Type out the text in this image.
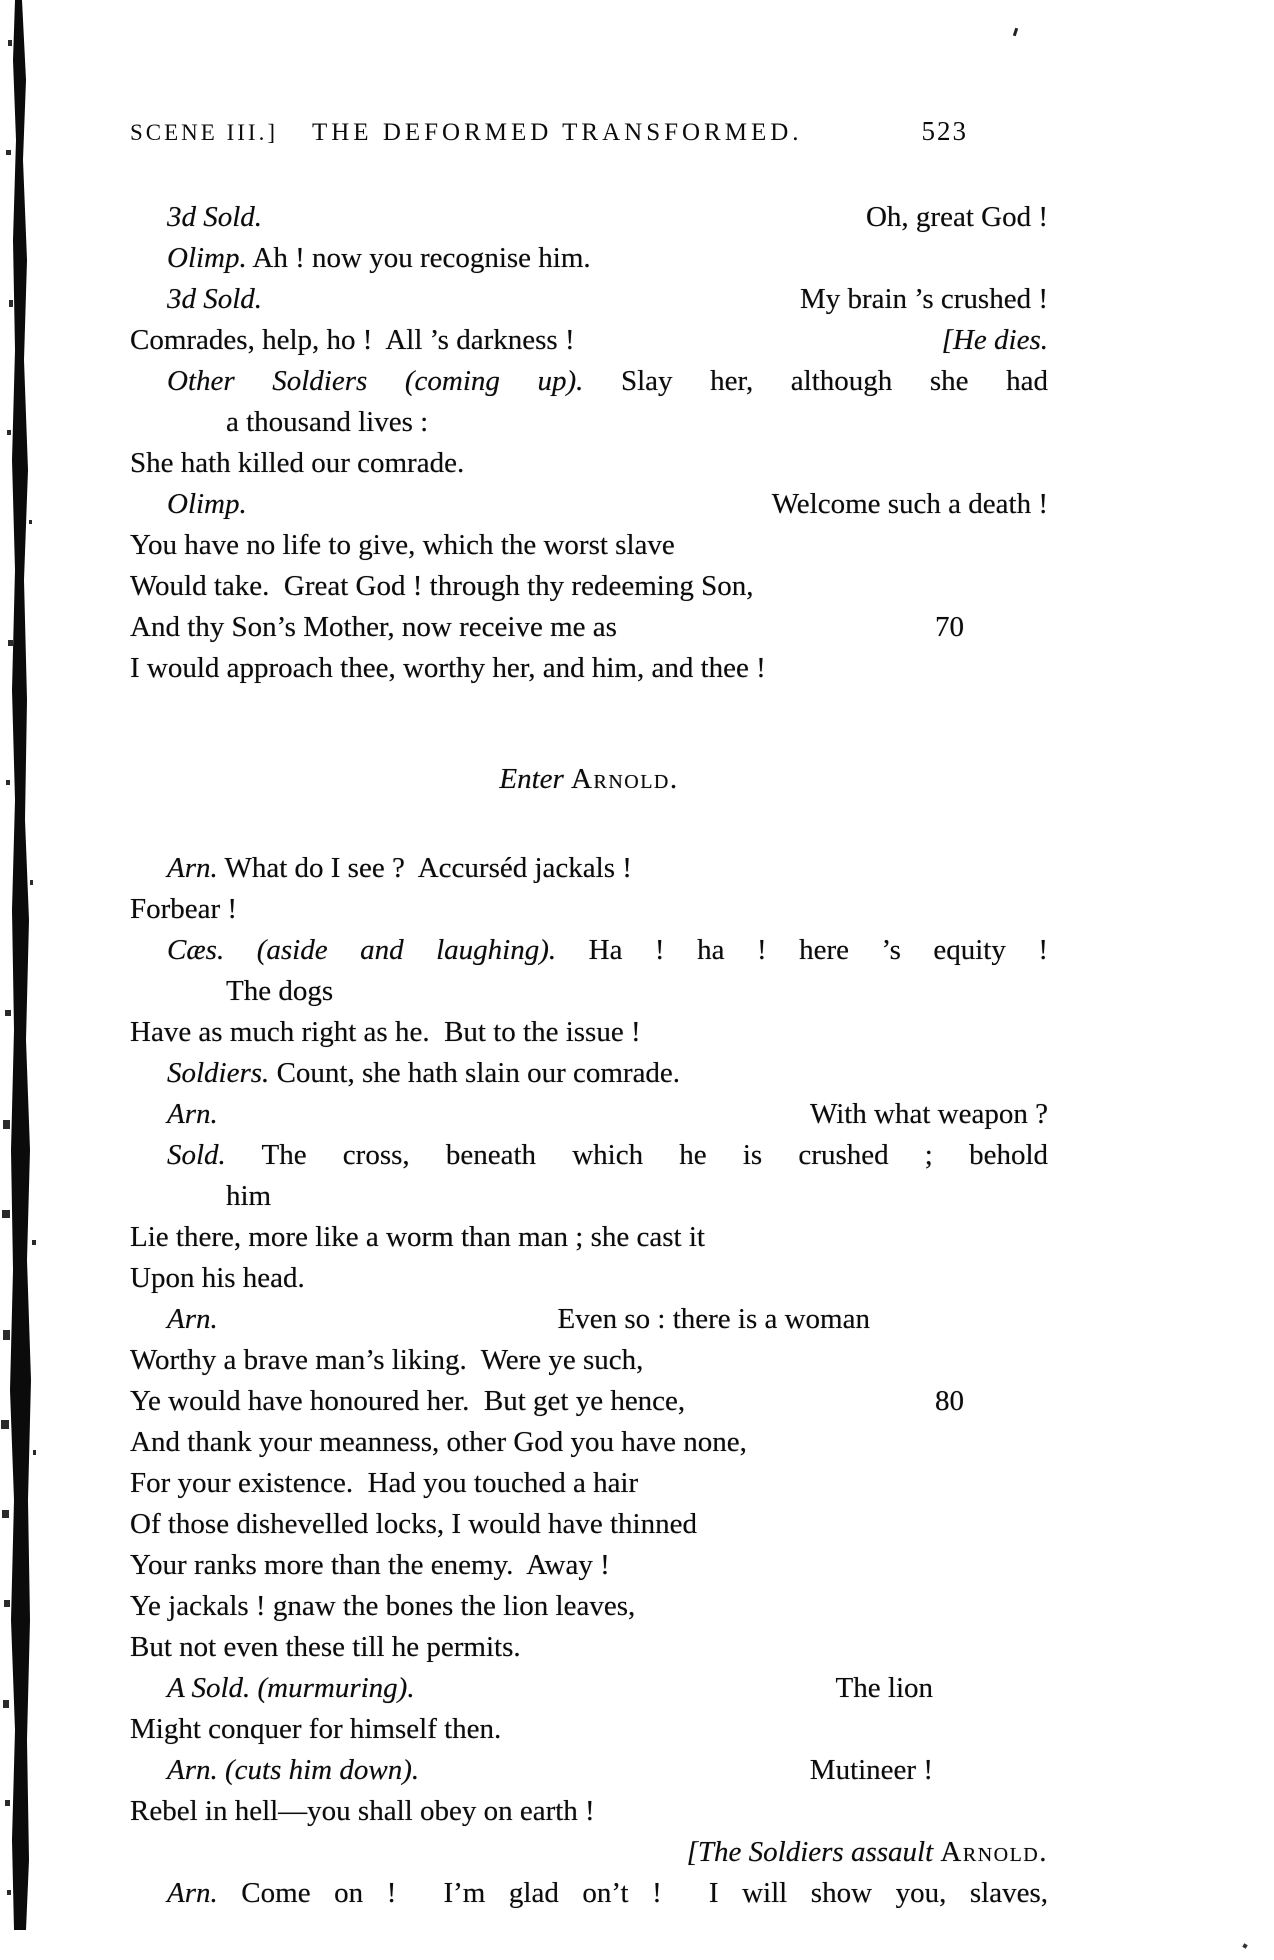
SCENE III.] THE DEFORMED TRANSFORMED.	523
3d Sold.	Oh, great God !
Olimp. Ah ! now you recognise him.
3d Sold.	My brain ’s crushed !
Comrades, help, ho !  All ’s darkness !	[He dies.
Other Soldiers (coming up). Slay her, although she had
a thousand lives :
She hath killed our comrade.
Olimp.	Welcome such a death !
You have no life to give, which the worst slave
Would take.  Great God ! through thy redeeming Son,
And thy Son’s Mother, now receive me as	70
I would approach thee, worthy her, and him, and thee !
Enter Arnold.
Arn. What do I see ?  Accurséd jackals !
Forbear !
Cæs. (aside and laughing). Ha ! ha ! here ’s equity !
The dogs
Have as much right as he.  But to the issue !
Soldiers. Count, she hath slain our comrade.
Arn.	With what weapon ?
Sold. The cross, beneath which he is crushed ; behold
him
Lie there, more like a worm than man ; she cast it
Upon his head.
Arn.	Even so : there is a woman
Worthy a brave man’s liking.  Were ye such,
Ye would have honoured her.  But get ye hence,	80
And thank your meanness, other God you have none,
For your existence.  Had you touched a hair
Of those dishevelled locks, I would have thinned
Your ranks more than the enemy.  Away !
Ye jackals ! gnaw the bones the lion leaves,
But not even these till he permits.
A Sold. (murmuring).	The lion
Might conquer for himself then.
Arn. (cuts him down).	Mutineer !
Rebel in hell—you shall obey on earth !
[The Soldiers assault Arnold.
Arn. Come on !  I’m glad on’t !  I will show you, slaves,
